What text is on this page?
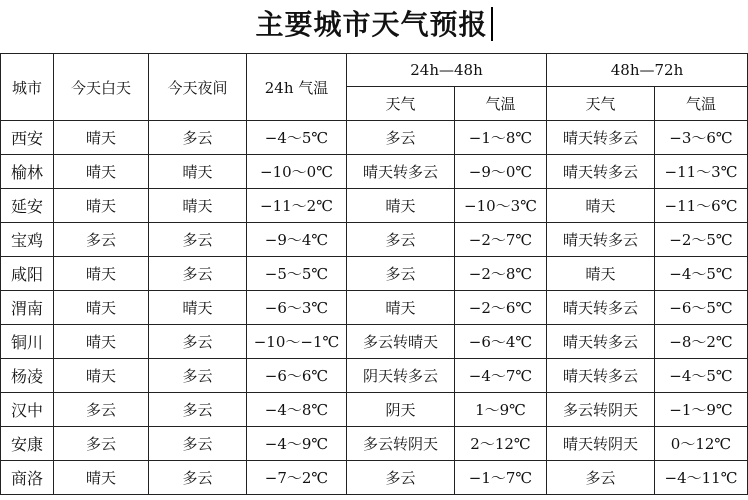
主要城市天气预报
城市	今天白天	今天夜间	24h 气温	24h—48h		48h—72h	
				天气	气温	天气	气温
西安	晴天	多云	−4～5℃	多云	−1～8℃	晴天转多云	−3～6℃
榆林	晴天	晴天	−10～0℃	晴天转多云	−9～0℃	晴天转多云	−11～3℃
延安	晴天	晴天	−11～2℃	晴天	−10～3℃	晴天	−11～6℃
宝鸡	多云	多云	−9～4℃	多云	−2～7℃	晴天转多云	−2～5℃
咸阳	晴天	多云	−5～5℃	多云	−2～8℃	晴天	−4～5℃
渭南	晴天	晴天	−6～3℃	晴天	−2～6℃	晴天转多云	−6～5℃
铜川	晴天	多云	−10～−1℃	多云转晴天	−6～4℃	晴天转多云	−8～2℃
杨凌	晴天	多云	−6～6℃	阴天转多云	−4～7℃	晴天转多云	−4～5℃
汉中	多云	多云	−4～8℃	阴天	1～9℃	多云转阴天	−1～9℃
安康	多云	多云	−4～9℃	多云转阴天	2～12℃	晴天转阴天	0～12℃
商洛	晴天	多云	−7～2℃	多云	−1～7℃	多云	−4～11℃
